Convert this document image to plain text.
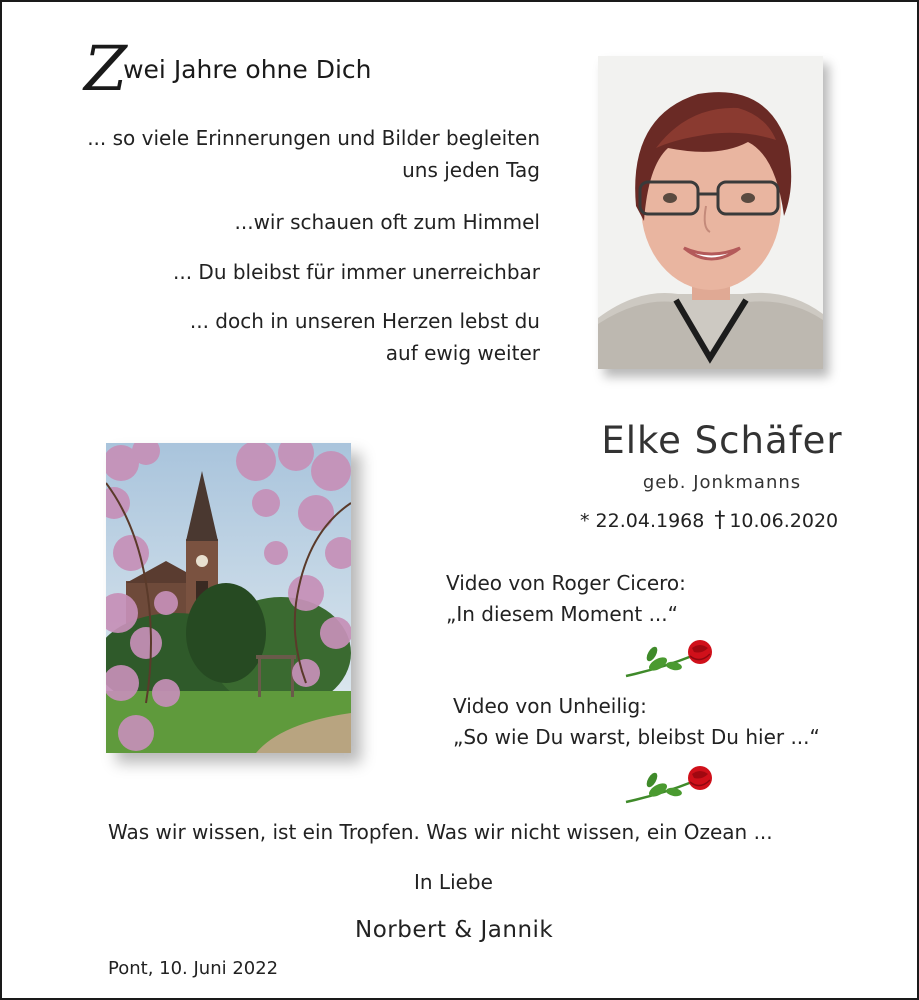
Zwei Jahre ohne Dich
... so viele Erinnerungen und Bilder begleiten
uns jeden Tag
...wir schauen oft zum Himmel
... Du bleibst für immer unerreichbar
... doch in unseren Herzen lebst du
auf ewig weiter
Elke Schäfer
geb. Jonkmanns
* 22.04.1968 † 10.06.2020
Video von Roger Cicero:
„In diesem Moment ...“
Video von Unheilig:
„So wie Du warst, bleibst Du hier ...“
Was wir wissen, ist ein Tropfen. Was wir nicht wissen, ein Ozean ...
In Liebe
Norbert & Jannik
Pont, 10. Juni 2022
